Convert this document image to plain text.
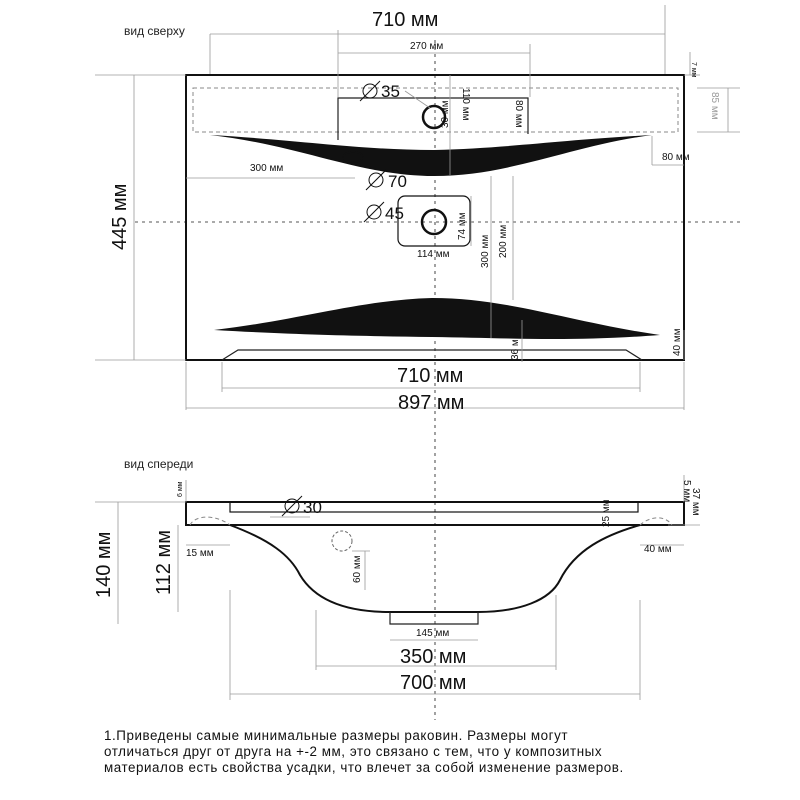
вид сверху	710 мм
270 мм
7 мм
85 мм
35	110 мм
30 мм	80 мм
300 мм
80 мм
70
45	74 мм
114 мм	300 мм 200 мм
445 мм
36 мм	40 мм
710 мм
897 мм
вид спереди
6 мм	5 мм
37 мм
30	25 мм
140 мм 112 мм 15 мм	40 мм
60 мм
145 мм
350 мм
700 мм
1.Приведены самые минимальные размеры раковин. Размеры могут
отличаться друг от друга на +-2 мм, это связано с тем, что у композитных
материалов есть свойства усадки, что влечет за собой изменение размеров.
